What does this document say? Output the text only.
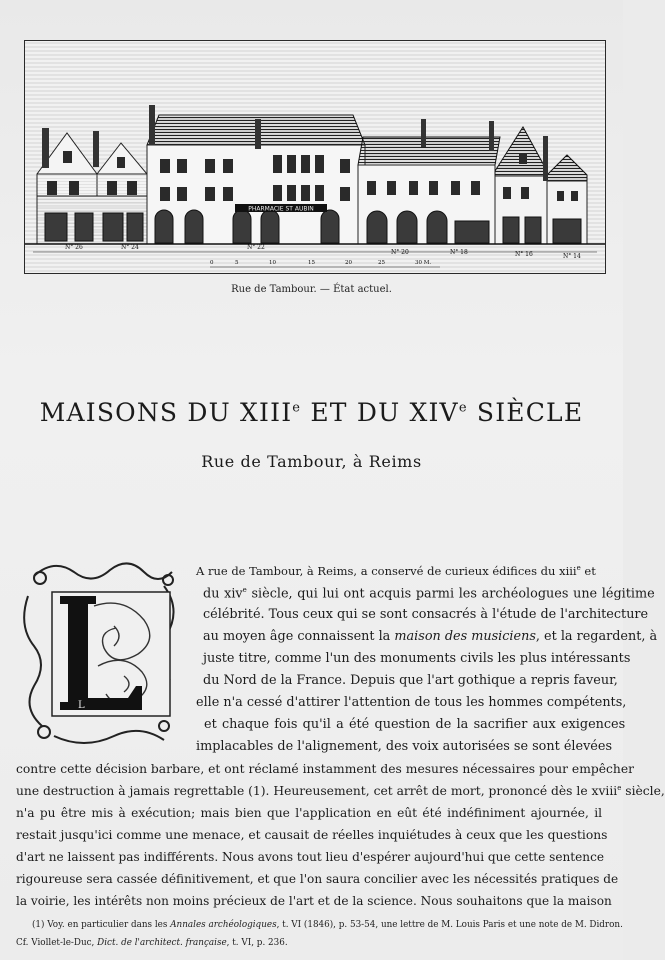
PHARMACIE ST AUBIN
N° 26	N° 24	N° 22
N° 20	N° 18	N° 16	N° 14
0	5	10	15	20	25	30 M.
Rue de Tambour. — État actuel.
MAISONS DU XIIIe ET DU XIVe SIÈCLE
Rue de Tambour, à Reims
L
A rue de Tambour, à Reims, a conservé de curieux édifices du xiii$^e$ et
du xiv$^e$ siècle, qui lui ont acquis parmi les archéologues une légitime
célébrité. Tous ceux qui se sont consacrés à l'étude de l'architecture
au moyen âge connaissent la maison des musiciens, et la regardent, à
juste titre, comme l'un des monuments civils les plus intéressants
du Nord de la France. Depuis que l'art gothique a repris faveur,
elle n'a cessé d'attirer l'attention de tous les hommes compétents,
et chaque fois qu'il a été question de la sacrifier aux exigences
implacables de l'alignement, des voix autorisées se sont élevées
contre cette décision barbare, et ont réclamé instamment des mesures nécessaires pour empêcher
une destruction à jamais regrettable (1). Heureusement, cet arrêt de mort, prononcé dès le xviii$^e$ siècle,
n'a pu être mis à exécution; mais bien que l'application en eût été indéfiniment ajournée, il
restait jusqu'ici comme une menace, et causait de réelles inquiétudes à ceux que les questions
d'art ne laissent pas indifférents. Nous avons tout lieu d'espérer aujourd'hui que cette sentence
rigoureuse sera cassée définitivement, et que l'on saura concilier avec les nécessités pratiques de
la voirie, les intérêts non moins précieux de l'art et de la science. Nous souhaitons que la maison
(1) Voy. en particulier dans les Annales archéologiques, t. VI (1846), p. 53-54, une lettre de M. Louis Paris et une note de M. Didron.
Cf. Viollet-le-Duc, Dict. de l'architect. française, t. VI, p. 236.
